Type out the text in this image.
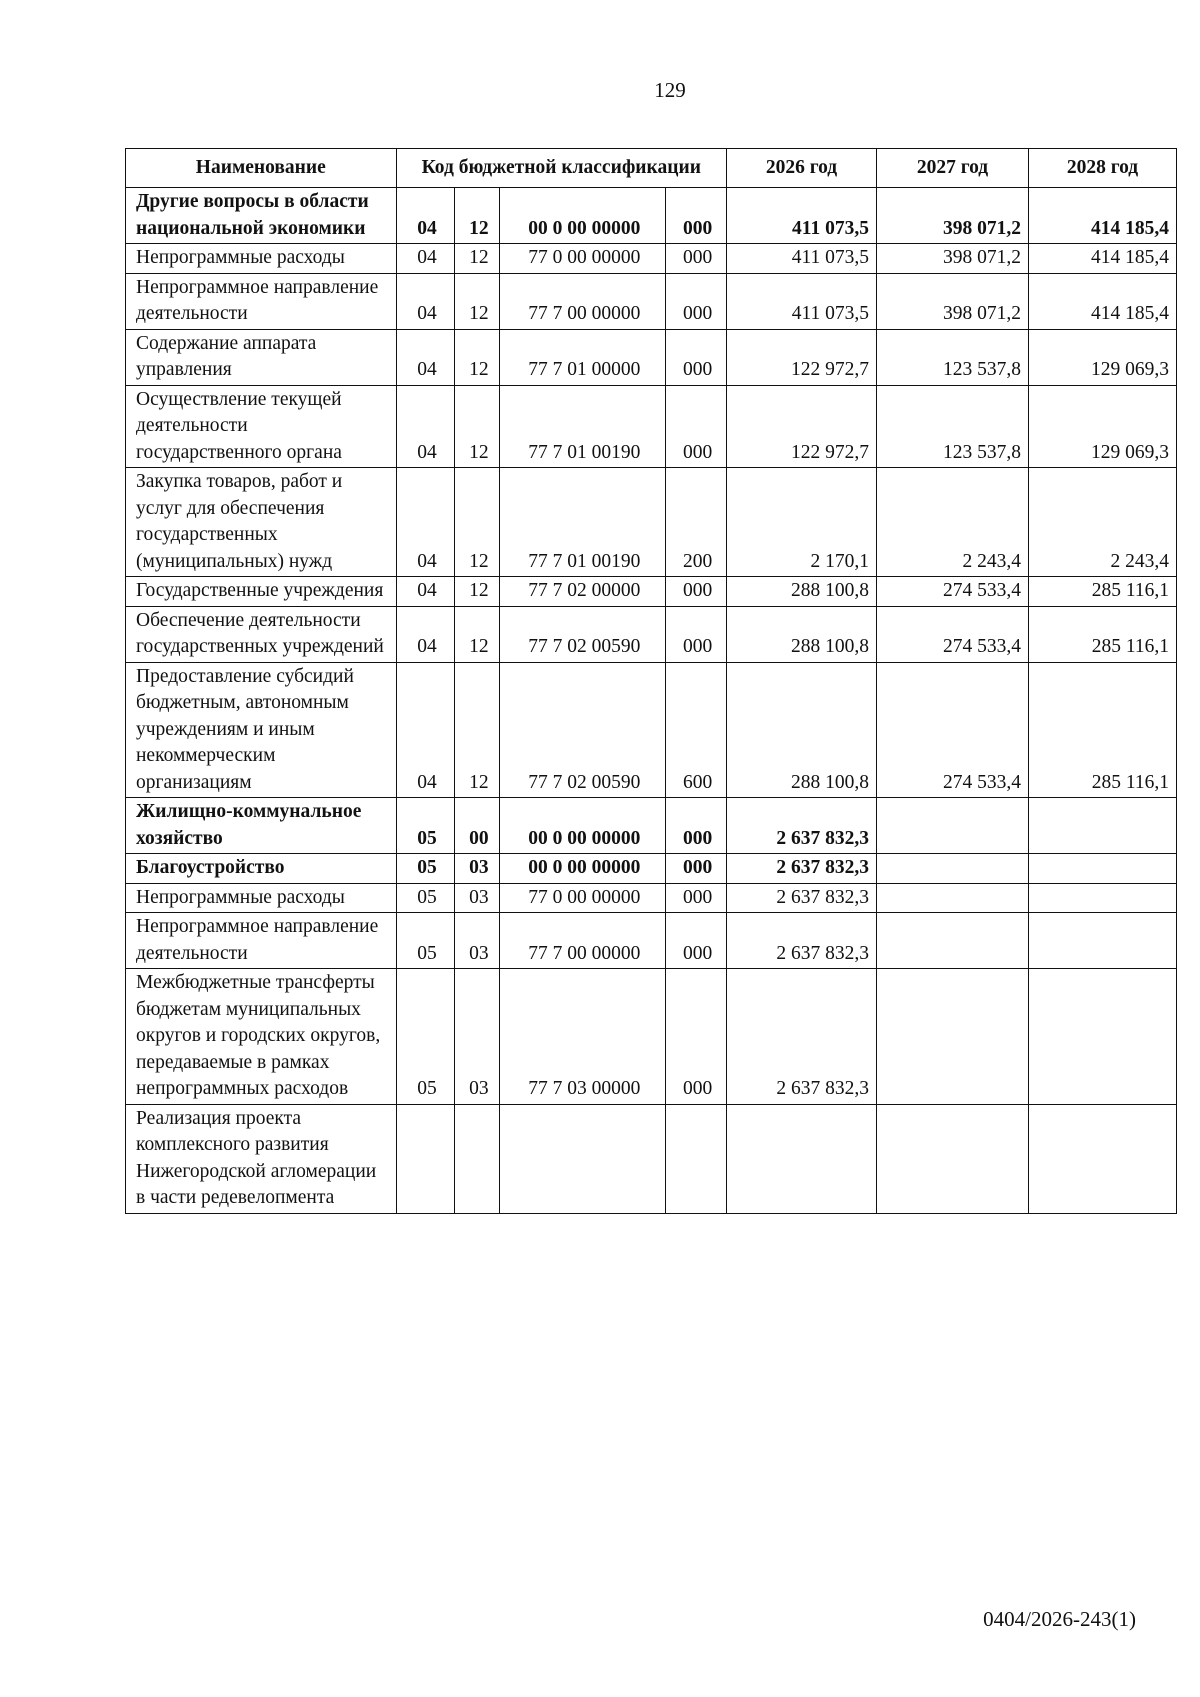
129
Наименование	Код бюджетной классификации				2026 год	2027 год	2028 год
Другие вопросы в области национальной экономики	04	12	00 0 00 00000	000	411 073,5	398 071,2	414 185,4
Непрограммные расходы	04	12	77 0 00 00000	000	411 073,5	398 071,2	414 185,4
Непрограммное направление деятельности	04	12	77 7 00 00000	000	411 073,5	398 071,2	414 185,4
Содержание аппарата управления	04	12	77 7 01 00000	000	122 972,7	123 537,8	129 069,3
Осуществление текущей деятельности государственного органа	04	12	77 7 01 00190	000	122 972,7	123 537,8	129 069,3
Закупка товаров, работ и услуг для обеспечения государственных (муниципальных) нужд	04	12	77 7 01 00190	200	2 170,1	2 243,4	2 243,4
Государственные учреждения	04	12	77 7 02 00000	000	288 100,8	274 533,4	285 116,1
Обеспечение деятельности государственных учреждений	04	12	77 7 02 00590	000	288 100,8	274 533,4	285 116,1
Предоставление субсидий бюджетным, автономным учреждениям и иным некоммерческим организациям	04	12	77 7 02 00590	600	288 100,8	274 533,4	285 116,1
Жилищно-коммунальное хозяйство	05	00	00 0 00 00000	000	2 637 832,3		
Благоустройство	05	03	00 0 00 00000	000	2 637 832,3		
Непрограммные расходы	05	03	77 0 00 00000	000	2 637 832,3		
Непрограммное направление деятельности	05	03	77 7 00 00000	000	2 637 832,3		
Межбюджетные трансферты бюджетам муниципальных округов и городских округов, передаваемые в рамках непрограммных расходов	05	03	77 7 03 00000	000	2 637 832,3		
Реализация проекта комплексного развития Нижегородской агломерации в части редевелопмента							
0404/2026-243(1)
